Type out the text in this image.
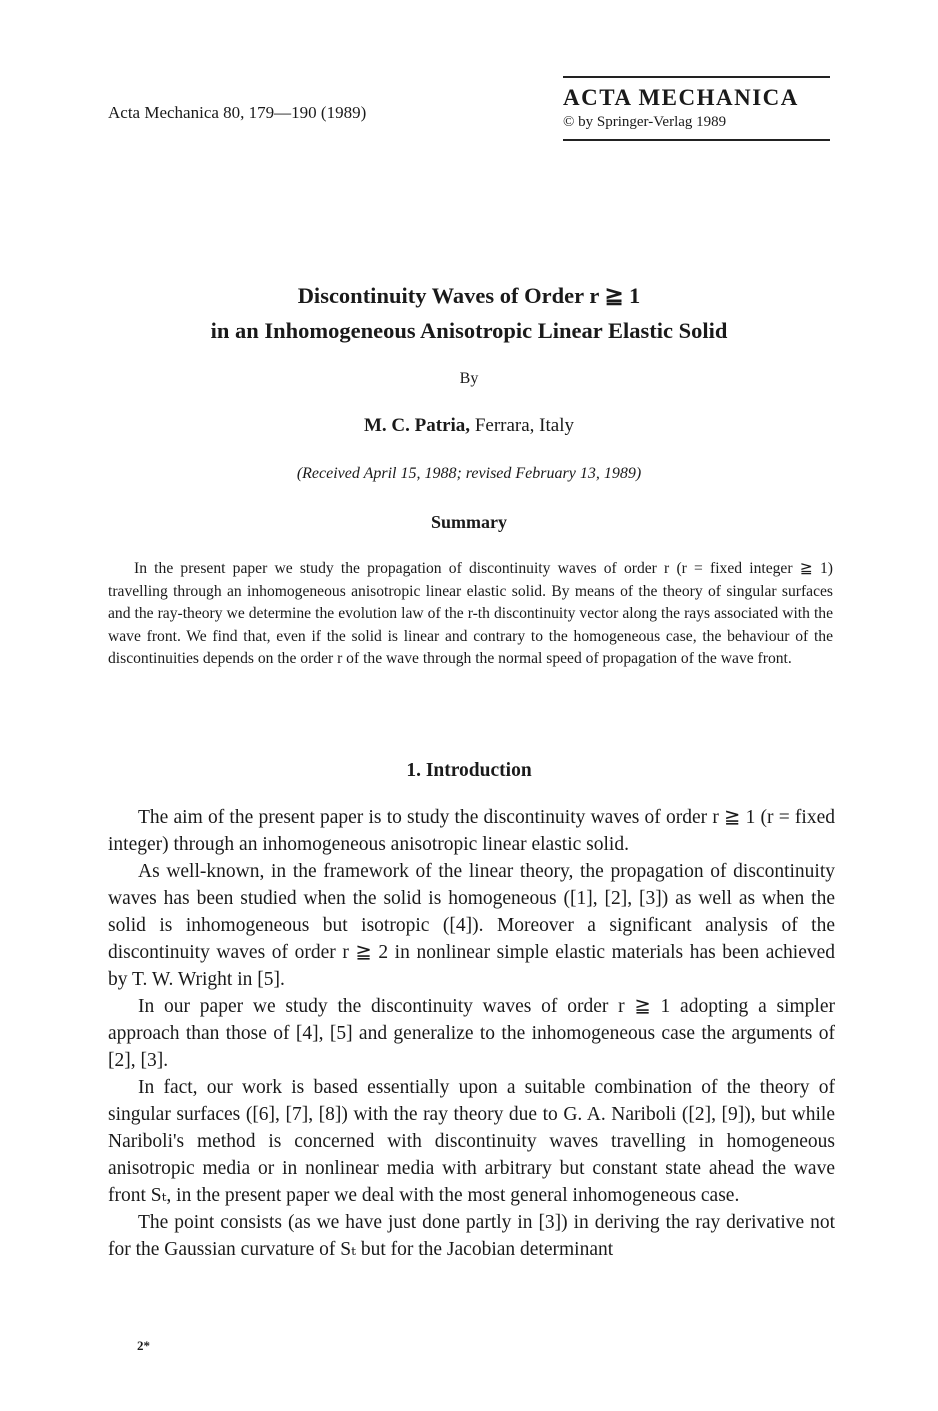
Acta Mechanica 80, 179—190 (1989)
ACTA MECHANICA
© by Springer-Verlag 1989
Discontinuity Waves of Order r ≧ 1
in an Inhomogeneous Anisotropic Linear Elastic Solid
By
M. C. Patria, Ferrara, Italy
(Received April 15, 1988; revised February 13, 1989)
Summary

In the present paper we study the propagation of discontinuity waves of order r (r = fixed integer ≧ 1) travelling through an inhomogeneous anisotropic linear elastic solid. By means of the theory of singular surfaces and the ray-theory we determine the evolution law of the r-th discontinuity vector along the rays associated with the wave front. We find that, even if the solid is linear and contrary to the homogeneous case, the behaviour of the discontinuities depends on the order r of the wave through the normal speed of propagation of the wave front.

1. Introduction

The aim of the present paper is to study the discontinuity waves of order r ≧ 1 (r = fixed integer) through an inhomogeneous anisotropic linear elastic solid.

As well-known, in the framework of the linear theory, the propagation of discontinuity waves has been studied when the solid is homogeneous ([1], [2], [3]) as well as when the solid is inhomogeneous but isotropic ([4]). Moreover a significant analysis of the discontinuity waves of order r ≧ 2 in nonlinear simple elastic materials has been achieved by T. W. Wright in [5].

In our paper we study the discontinuity waves of order r ≧ 1 adopting a simpler approach than those of [4], [5] and generalize to the inhomogeneous case the arguments of [2], [3].

In fact, our work is based essentially upon a suitable combination of the theory of singular surfaces ([6], [7], [8]) with the ray theory due to G. A. Nariboli ([2], [9]), but while Nariboli's method is concerned with discontinuity waves travelling in homogeneous anisotropic media or in nonlinear media with arbitrary but constant state ahead the wave front Sₜ, in the present paper we deal with the most general inhomogeneous case.

The point consists (as we have just done partly in [3]) in deriving the ray derivative not for the Gaussian curvature of Sₜ but for the Jacobian determinant

2*
